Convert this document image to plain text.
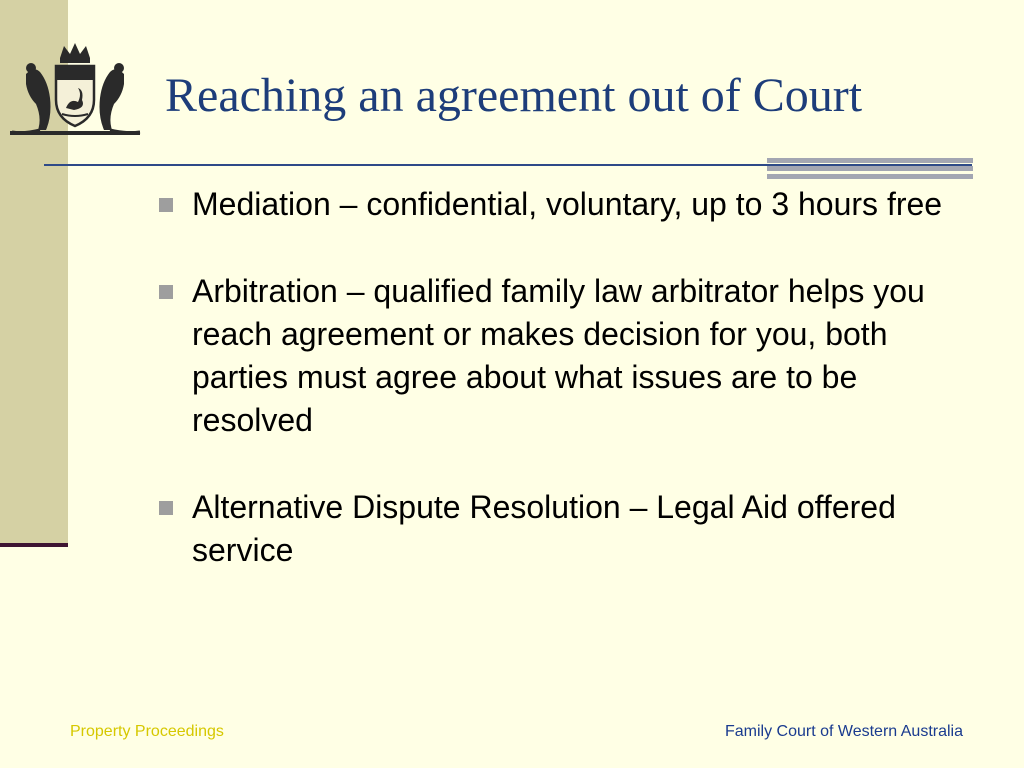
Reaching an agreement out of Court
Mediation – confidential, voluntary, up to 3 hours free
Arbitration – qualified family law arbitrator helps you reach agreement or makes decision for you, both parties must agree about what issues are to be resolved
Alternative Dispute Resolution – Legal Aid offered service
Property Proceedings	Family Court of Western Australia
